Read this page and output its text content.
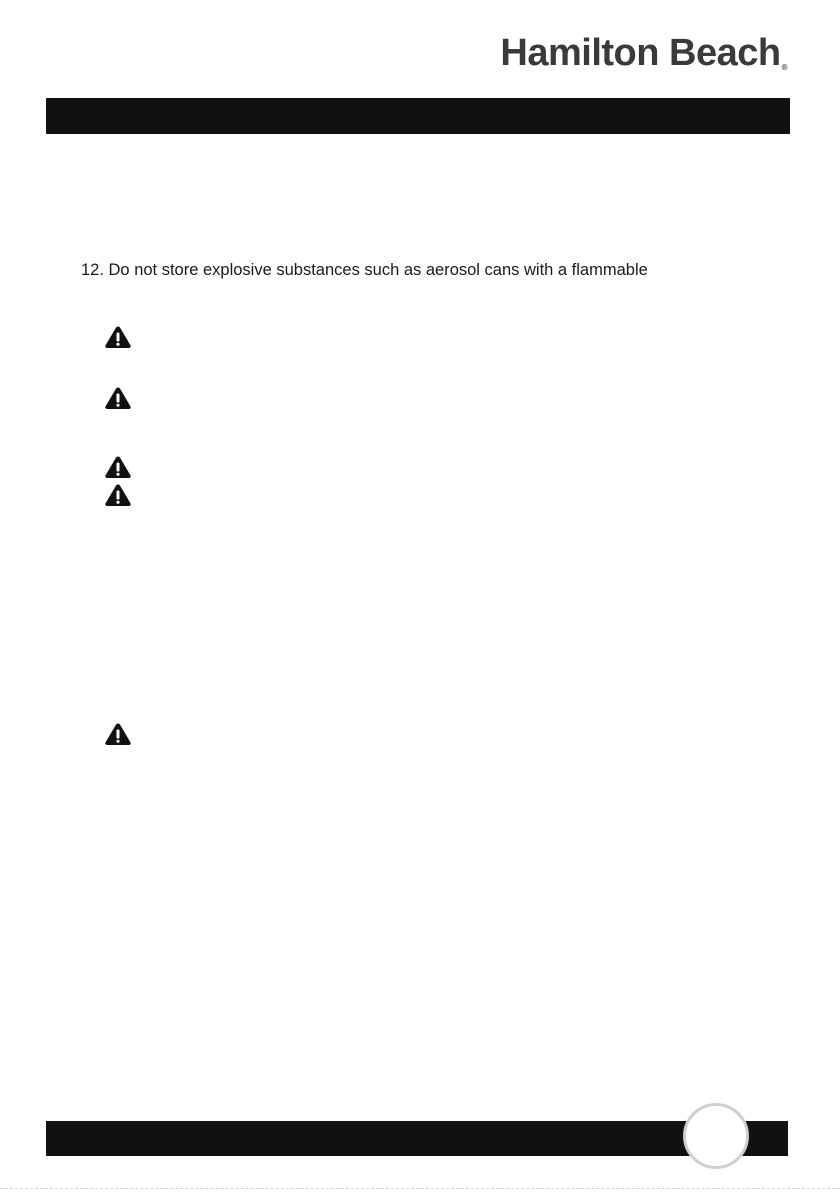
Hamilton Beach®
12. Do not store explosive substances such as aerosol cans with a flammable
